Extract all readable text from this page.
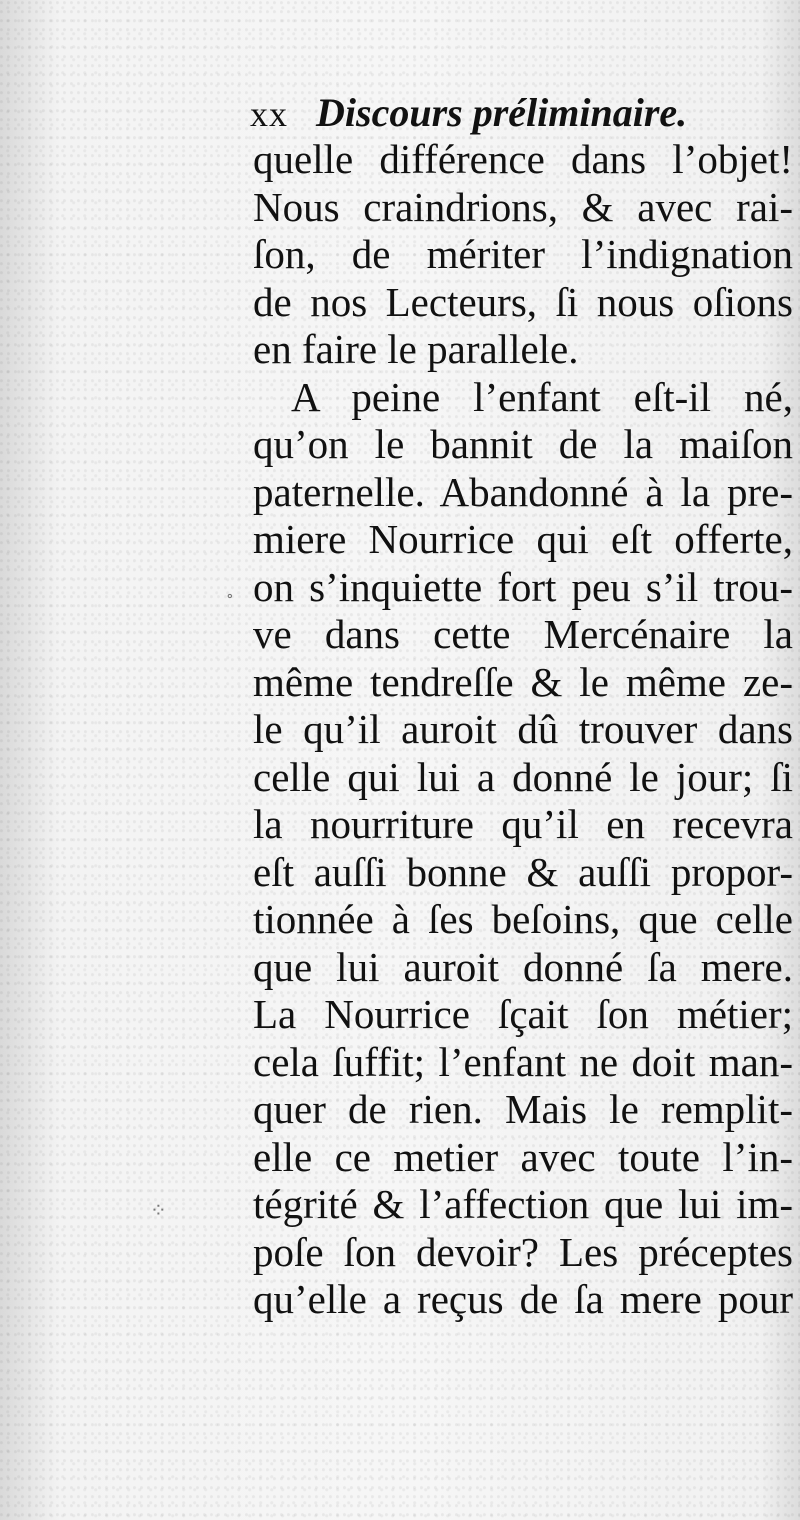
xx Discours préliminaire.
quelle différence dans l’objet!
Nous craindrions, & avec rai-
ſon, de mériter l’indignation
de nos Lecteurs, ſi nous oſions
en faire le parallele.
A peine l’enfant eſt-il né,
qu’on le bannit de la maiſon
paternelle. Abandonné à la pre-
miere Nourrice qui eſt offerte,
on s’inquiette fort peu s’il trou-
ve dans cette Mercénaire la
même tendreſſe & le même ze-
le qu’il auroit dû trouver dans
celle qui lui a donné le jour; ſi
la nourriture qu’il en recevra
eſt auſſi bonne & auſſi propor-
tionnée à ſes beſoins, que celle
que lui auroit donné ſa mere.
La Nourrice ſçait ſon métier;
cela ſuffit; l’enfant ne doit man-
quer de rien. Mais le remplit-
elle ce metier avec toute l’in-
tégrité & l’affection que lui im-
poſe ſon devoir? Les préceptes
qu’elle a reçus de ſa mere pour
⁘
∘
